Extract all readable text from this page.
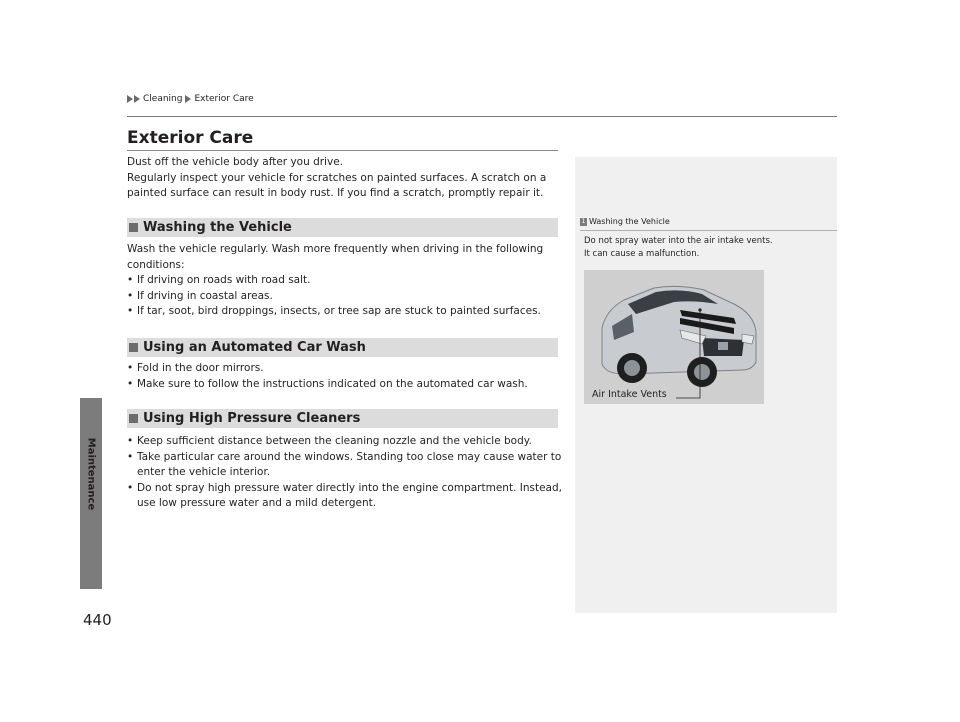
Cleaning Exterior Care
Maintenance
440
Exterior Care

Dust off the vehicle body after you drive.

Regularly inspect your vehicle for scratches on painted surfaces. A scratch on a painted surface can result in body rust. If you find a scratch, promptly repair it.

Washing the Vehicle

Wash the vehicle regularly. Wash more frequently when driving in the following conditions:

• If driving on roads with road salt.
• If driving in coastal areas.
• If tar, soot, bird droppings, insects, or tree sap are stuck to painted surfaces.
Using an Automated Car Wash
• Fold in the door mirrors.
• Make sure to follow the instructions indicated on the automated car wash.
Using High Pressure Cleaners
• Keep sufficient distance between the cleaning nozzle and the vehicle body.
• Take particular care around the windows. Standing too close may cause water to enter the vehicle interior.
• Do not spray high pressure water directly into the engine compartment. Instead, use low pressure water and a mild detergent.
1 Washing the Vehicle
Do not spray water into the air intake vents.
It can cause a malfunction.
Air Intake Vents
